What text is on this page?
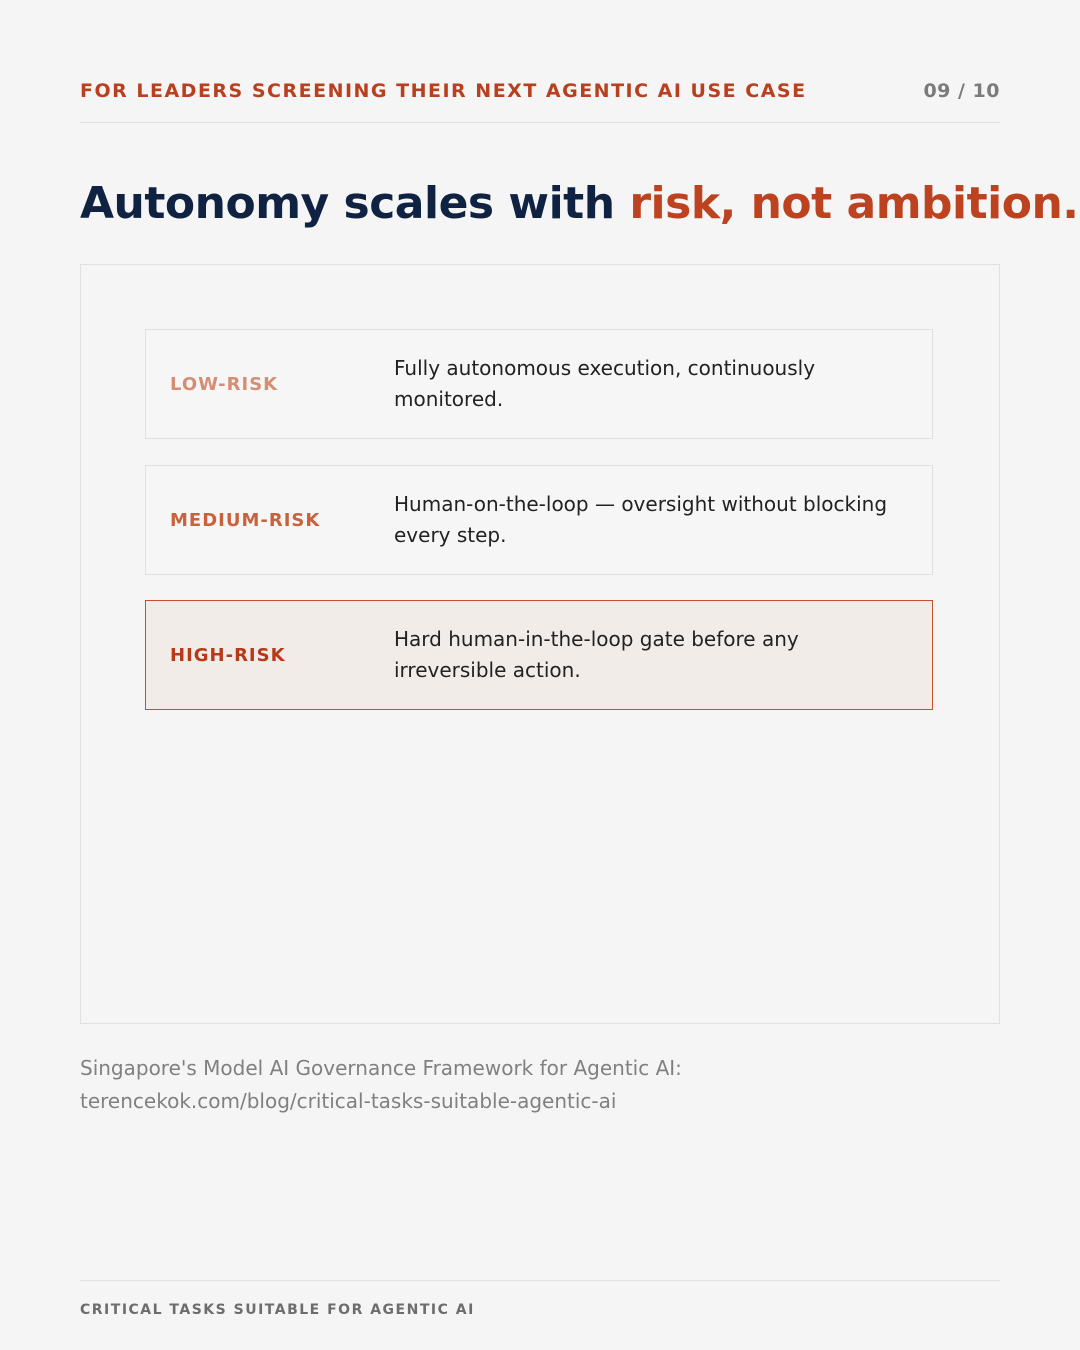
FOR LEADERS SCREENING THEIR NEXT AGENTIC AI USE CASE	09 / 10
Autonomy scales with risk, not ambition.
LOW-RISK
Fully autonomous execution, continuously monitored.
MEDIUM-RISK
Human-on-the-loop — oversight without blocking every step.
HIGH-RISK
Hard human-in-the-loop gate before any irreversible action.
Singapore's Model AI Governance Framework for Agentic AI:
terencekok.com/blog/critical-tasks-suitable-agentic-ai
CRITICAL TASKS SUITABLE FOR AGENTIC AI
